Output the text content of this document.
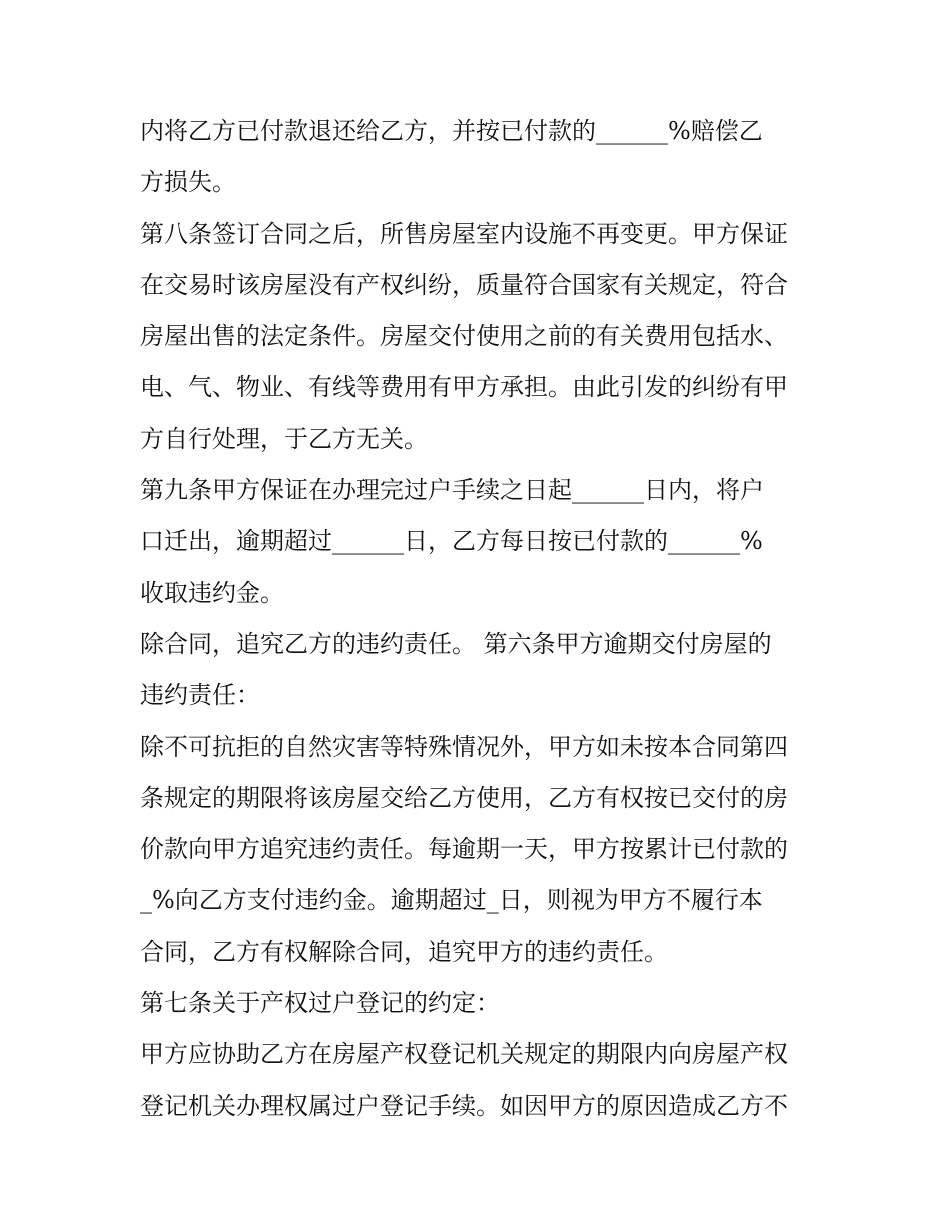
内将乙方已付款退还给乙方，并按已付款的______%赔偿乙
方损失。
第八条签订合同之后，所售房屋室内设施不再变更。甲方保证
在交易时该房屋没有产权纠纷，质量符合国家有关规定，符合
房屋出售的法定条件。房屋交付使用之前的有关费用包括水、
电、气、物业、有线等费用有甲方承担。由此引发的纠纷有甲
方自行处理，于乙方无关。
第九条甲方保证在办理完过户手续之日起______日内，将户
口迁出，逾期超过______日，乙方每日按已付款的______%
收取违约金。
除合同，追究乙方的违约责任。 第六条甲方逾期交付房屋的
违约责任：
除不可抗拒的自然灾害等特殊情况外，甲方如未按本合同第四
条规定的期限将该房屋交给乙方使用，乙方有权按已交付的房
价款向甲方追究违约责任。每逾期一天，甲方按累计已付款的
_%向乙方支付违约金。逾期超过_日，则视为甲方不履行本
合同，乙方有权解除合同，追究甲方的违约责任。
第七条关于产权过户登记的约定：
甲方应协助乙方在房屋产权登记机关规定的期限内向房屋产权
登记机关办理权属过户登记手续。如因甲方的原因造成乙方不
